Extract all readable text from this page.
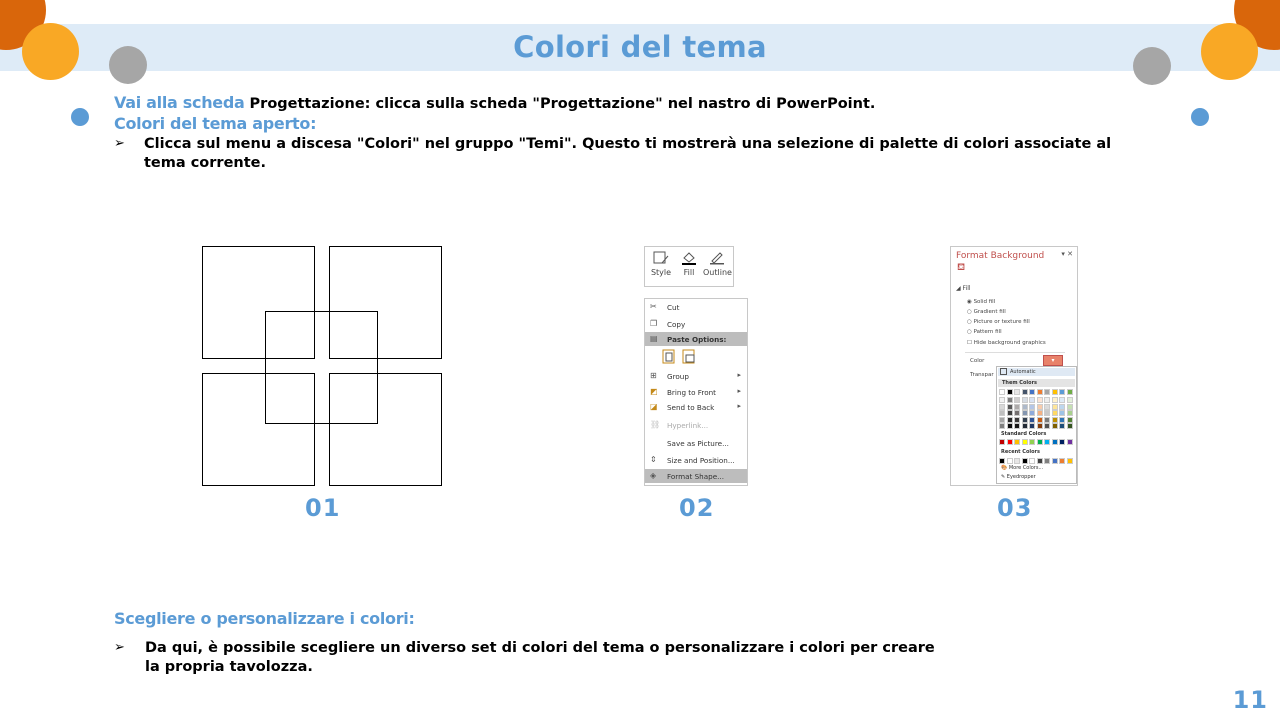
Colori del tema
Vai alla scheda Progettazione: clicca sulla scheda "Progettazione" nel nastro di PowerPoint.
Colori del tema aperto:
➢ Clicca sul menu a discesa "Colori" nel gruppo "Temi". Questo ti mostrerà una selezione di palette di colori associate al
tema corrente.
01
Style	Fill	Outline
✂	Cut
❐	Copy
▤	Paste Options:
⊞	Group	▸
◩	Bring to Front	▸
◪	Send to Back	▸
⛓ Hyperlink...
Save as Picture...
⇕	Size and Position...
◈	Format Shape...
02
Format Background ▾ ✕
⛾
◢ Fill
◉ Solid fill
○ Gradient fill
○ Picture or texture fill
○ Pattern fill
☐ Hide background graphics
Color	▾
Transpar	Automatic
Them Colors
Standard Colors
Recent Colors
🎨 More Colors...
✎ Eyedropper
03
Scegliere o personalizzare i colori:
➢ Da qui, è possibile scegliere un diverso set di colori del tema o personalizzare i colori per creare
la propria tavolozza.
11
